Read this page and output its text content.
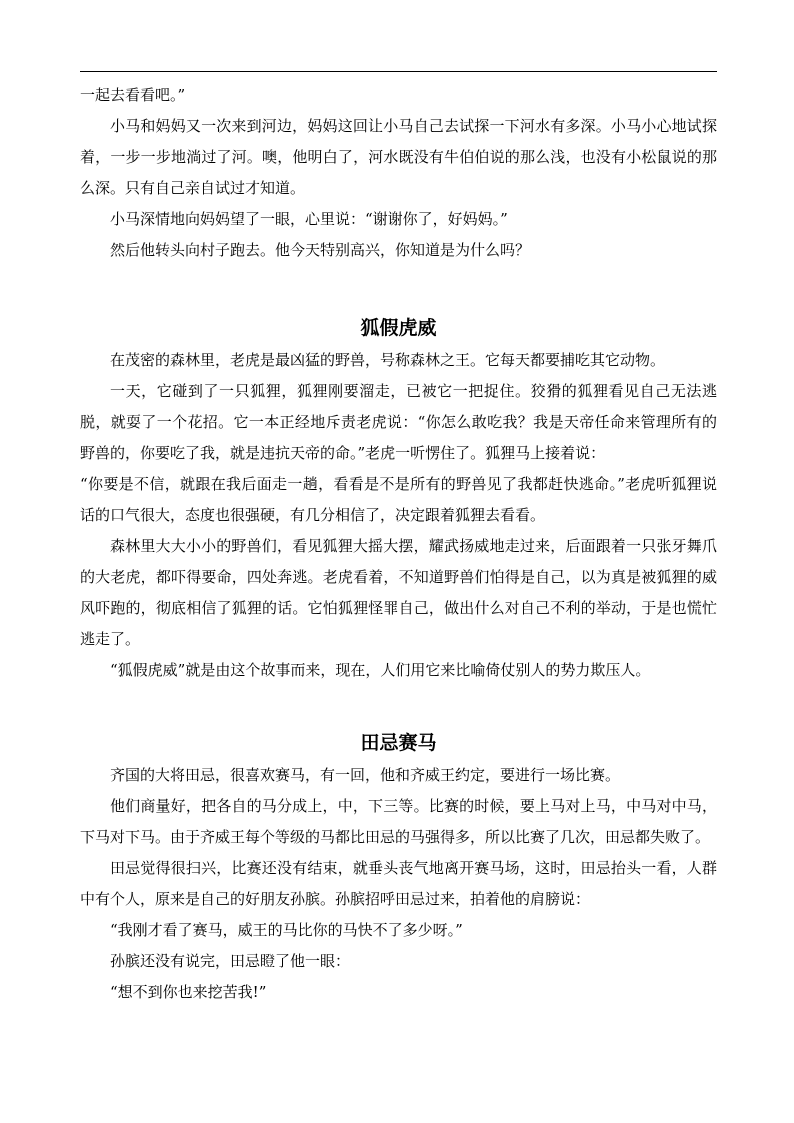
一起去看看吧。”

小马和妈妈又一次来到河边，妈妈这回让小马自己去试探一下河水有多深。小马小心地试探着，一步一步地淌过了河。噢，他明白了，河水既没有牛伯伯说的那么浅，也没有小松鼠说的那么深。只有自己亲自试过才知道。

小马深情地向妈妈望了一眼，心里说：“谢谢你了，好妈妈。”

然后他转头向村子跑去。他今天特别高兴，你知道是为什么吗？

狐假虎威

在茂密的森林里，老虎是最凶猛的野兽，号称森林之王。它每天都要捕吃其它动物。

一天，它碰到了一只狐狸，狐狸刚要溜走，已被它一把捉住。狡猾的狐狸看见自己无法逃脱，就耍了一个花招。它一本正经地斥责老虎说：“你怎么敢吃我？我是天帝任命来管理所有的野兽的，你要吃了我，就是违抗天帝的命。”老虎一听愣住了。狐狸马上接着说：

“你要是不信，就跟在我后面走一趟，看看是不是所有的野兽见了我都赶快逃命。”老虎听狐狸说话的口气很大，态度也很强硬，有几分相信了，决定跟着狐狸去看看。

森林里大大小小的野兽们，看见狐狸大摇大摆，耀武扬威地走过来，后面跟着一只张牙舞爪的大老虎，都吓得要命，四处奔逃。老虎看着，不知道野兽们怕得是自己，以为真是被狐狸的威风吓跑的，彻底相信了狐狸的话。它怕狐狸怪罪自己，做出什么对自己不利的举动，于是也慌忙逃走了。

“狐假虎威”就是由这个故事而来，现在，人们用它来比喻倚仗别人的势力欺压人。

田忌赛马

齐国的大将田忌，很喜欢赛马，有一回，他和齐威王约定，要进行一场比赛。

他们商量好，把各自的马分成上，中，下三等。比赛的时候，要上马对上马，中马对中马，下马对下马。由于齐威王每个等级的马都比田忌的马强得多，所以比赛了几次，田忌都失败了。

田忌觉得很扫兴，比赛还没有结束，就垂头丧气地离开赛马场，这时，田忌抬头一看，人群中有个人，原来是自己的好朋友孙膑。孙膑招呼田忌过来，拍着他的肩膀说：

“我刚才看了赛马，威王的马比你的马快不了多少呀。”

孙膑还没有说完，田忌瞪了他一眼：

“想不到你也来挖苦我!”
